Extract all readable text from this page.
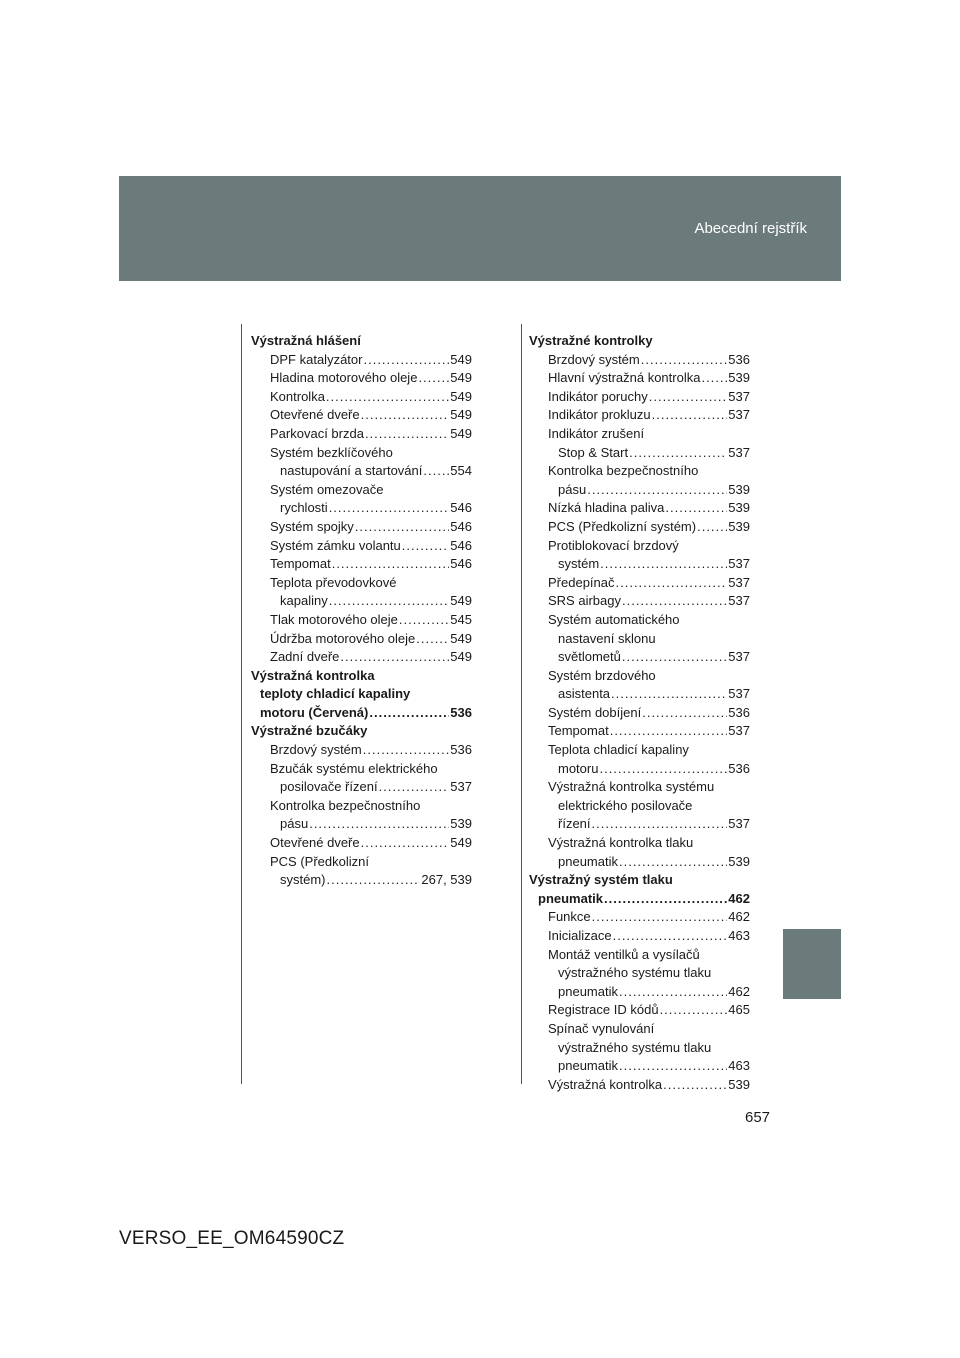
Abecední rejstřík
Výstražná hlášení
DPF katalyzátor .....	549
Hladina motorového oleje .....	549
Kontrolka .....	549
Otevřené dveře .....	549
Parkovací brzda .....	549
Systém bezklíčového
nastupování a startování ..... 554
Systém omezovače
rychlosti .....	546
Systém spojky .....	546
Systém zámku volantu .....	546
Tempomat .....	546
Teplota převodovkové
kapaliny .....	549
Tlak motorového oleje .....	545
Údržba motorového oleje .....	549
Zadní dveře .....	549
Výstražná kontrolka
teploty chladicí kapaliny
motoru (Červená) .....	536
Výstražné bzučáky
Brzdový systém .....	536
Bzučák systému elektrického
posilovače řízení .....	537
Kontrolka bezpečnostního
pásu .....	539
Otevřené dveře .....	549
PCS (Předkolizní
systém) .....	267, 539
Výstražné kontrolky
Brzdový systém .....	536
Hlavní výstražná kontrolka ..... 539
Indikátor poruchy .....	537
Indikátor prokluzu .....	537
Indikátor zrušení
Stop & Start .....	537
Kontrolka bezpečnostního
pásu .....	539
Nízká hladina paliva .....	539
PCS (Předkolizní systém) ..... 539
Protiblokovací brzdový
systém .....	537
Předepínač .....	537
SRS airbagy .....	537
Systém automatického
nastavení sklonu
světlometů .....	537
Systém brzdového
asistenta .....	537
Systém dobíjení .....	536
Tempomat .....	537
Teplota chladicí kapaliny
motoru .....	536
Výstražná kontrolka systému
elektrického posilovače
řízení .....	537
Výstražná kontrolka tlaku
pneumatik .....	539
Výstražný systém tlaku
pneumatik .....	462
Funkce .....	462
Inicializace .....	463
Montáž ventilků a vysílačů
výstražného systému tlaku
pneumatik .....	462
Registrace ID kódů .....	465
Spínač vynulování
výstražného systému tlaku
pneumatik .....	463
Výstražná kontrolka .....	539
657
VERSO_EE_OM64590CZ
